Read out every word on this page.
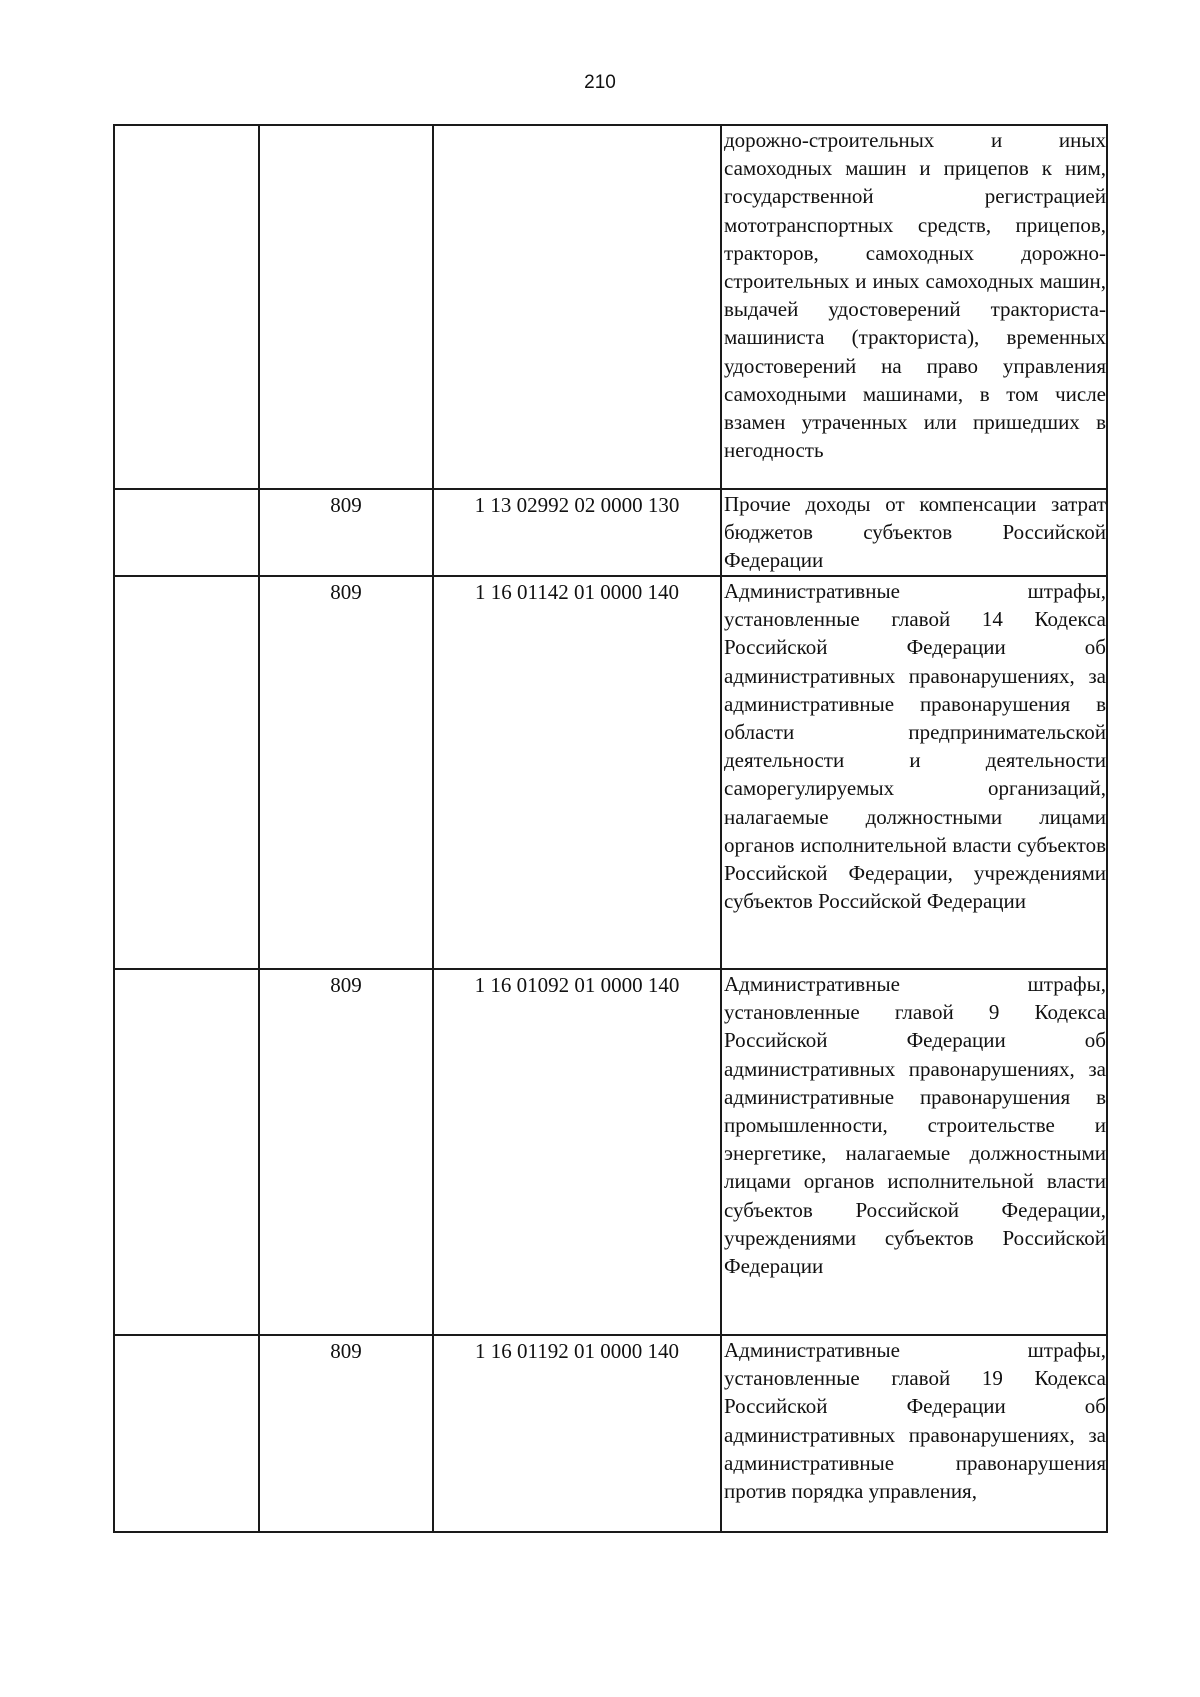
210

			дорожно-строительных и иных самоходных машин и прицепов к ним, государственной регистрацией мототранспортных средств, прицепов, тракторов, самоходных дорожно-строительных и иных самоходных машин, выдачей удостоверений тракториста-машиниста (тракториста), временных удостоверений на право управления самоходными машинами, в том числе взамен утраченных или пришедших в негодность

	809	1 13 02992 02 0000 130	Прочие доходы от компенсации затрат бюджетов субъектов Российской Федерации

	809	1 16 01142 01 0000 140	Административные штрафы, установленные главой 14 Кодекса Российской Федерации об административных правонарушениях, за административные правонарушения в области предпринимательской деятельности и деятельности саморегулируемых организаций, налагаемые должностными лицами органов исполнительной власти субъектов Российской Федерации, учреждениями субъектов Российской Федерации

	809	1 16 01092 01 0000 140	Административные штрафы, установленные главой 9 Кодекса Российской Федерации об административных правонарушениях, за административные правонарушения в промышленности, строительстве и энергетике, налагаемые должностными лицами органов исполнительной власти субъектов Российской Федерации, учреждениями субъектов Российской Федерации

	809	1 16 01192 01 0000 140	Административные штрафы, установленные главой 19 Кодекса Российской Федерации об административных правонарушениях, за административные правонарушения против порядка управления,
